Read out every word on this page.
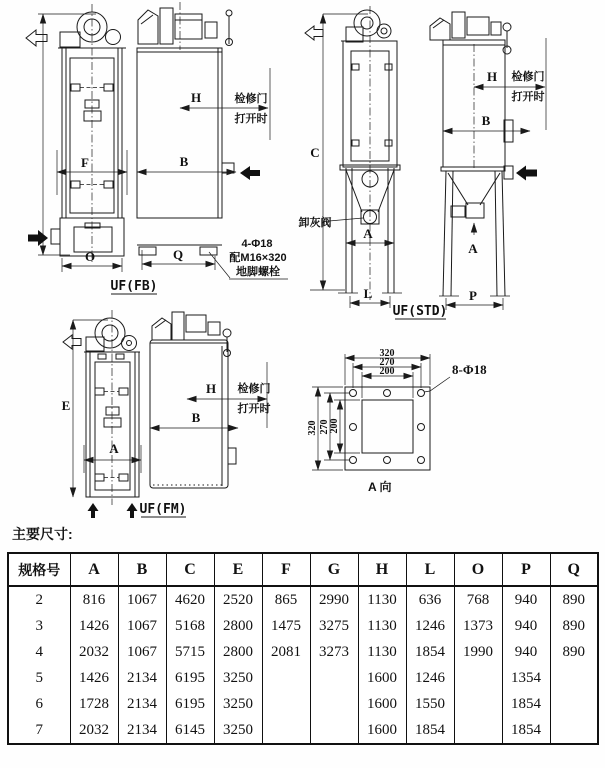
F
O
H	检修门
打开时
B
Q
4-Φ18
配M16×320
地脚螺栓
UF(FB)
C
卸灰阀
A
L
H 检修门
打开时
B
A
P
UF(STD)
E
A
H 检修门
打开时
B
UF(FM)
320
270
200
320 270 200
8-Φ18
A 向
主要尺寸:
规格号	A	B	C	E	F	G	H	L	O	P	Q
2	816	1067	4620	2520	865	2990	1130	636	768	940	890
3	1426	1067	5168	2800	1475	3275	1130	1246	1373	940	890
4	2032	1067	5715	2800	2081	3273	1130	1854	1990	940	890
5	1426	2134	6195	3250			1600	1246		1354	
6	1728	2134	6195	3250			1600	1550		1854	
7	2032	2134	6145	3250			1600	1854		1854	
